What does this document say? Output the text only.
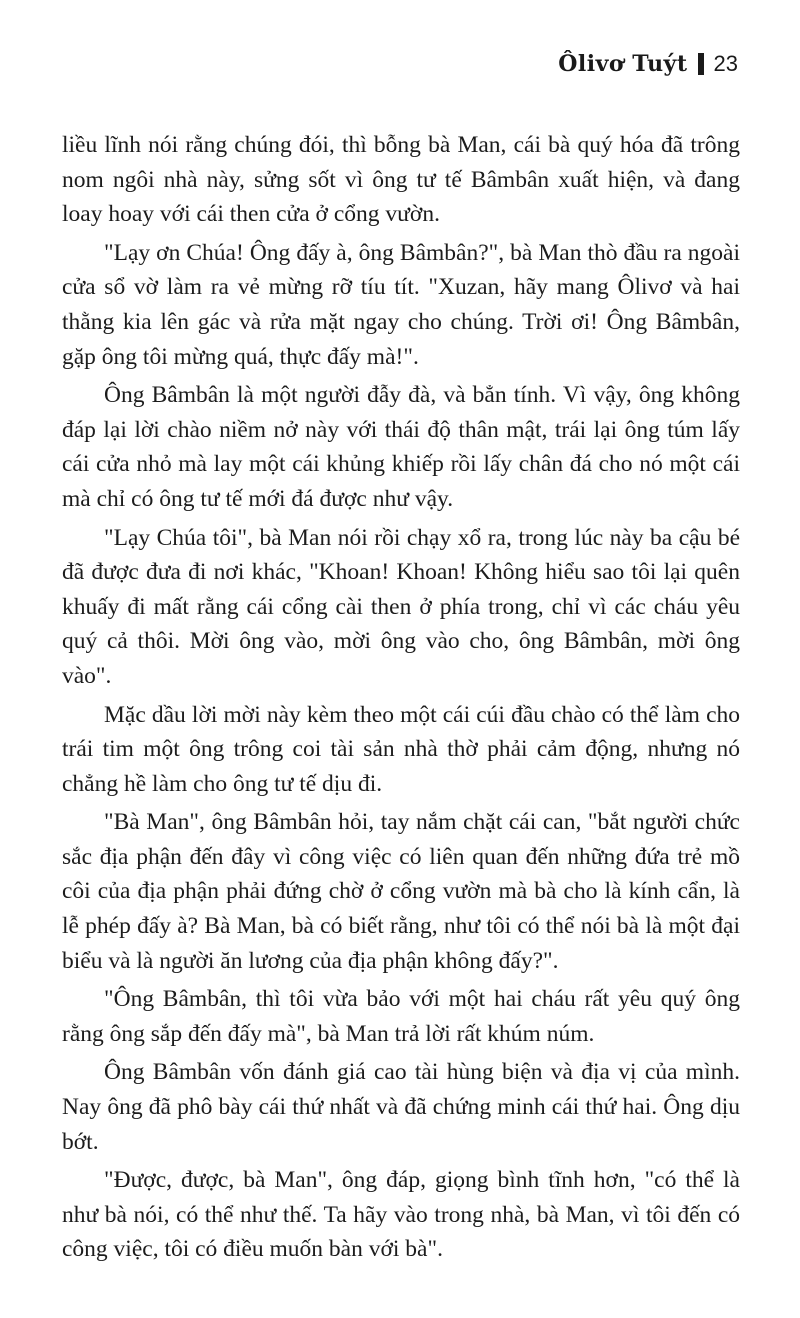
Ôlivơ Tuýt 23

liều lĩnh nói rằng chúng đói, thì bỗng bà Man, cái bà quý hóa đã trông nom ngôi nhà này, sửng sốt vì ông tư tế Bâmbân xuất hiện, và đang loay hoay với cái then cửa ở cổng vườn.

"Lạy ơn Chúa! Ông đấy à, ông Bâmbân?", bà Man thò đầu ra ngoài cửa sổ vờ làm ra vẻ mừng rỡ tíu tít. "Xuzan, hãy mang Ôlivơ và hai thằng kia lên gác và rửa mặt ngay cho chúng. Trời ơi! Ông Bâmbân, gặp ông tôi mừng quá, thực đấy mà!".

Ông Bâmbân là một người đẫy đà, và bẳn tính. Vì vậy, ông không đáp lại lời chào niềm nở này với thái độ thân mật, trái lại ông túm lấy cái cửa nhỏ mà lay một cái khủng khiếp rồi lấy chân đá cho nó một cái mà chỉ có ông tư tế mới đá được như vậy.

"Lạy Chúa tôi", bà Man nói rồi chạy xổ ra, trong lúc này ba cậu bé đã được đưa đi nơi khác, "Khoan! Khoan! Không hiểu sao tôi lại quên khuấy đi mất rằng cái cổng cài then ở phía trong, chỉ vì các cháu yêu quý cả thôi. Mời ông vào, mời ông vào cho, ông Bâmbân, mời ông vào".

Mặc dầu lời mời này kèm theo một cái cúi đầu chào có thể làm cho trái tim một ông trông coi tài sản nhà thờ phải cảm động, nhưng nó chẳng hề làm cho ông tư tế dịu đi.

"Bà Man", ông Bâmbân hỏi, tay nắm chặt cái can, "bắt người chức sắc địa phận đến đây vì công việc có liên quan đến những đứa trẻ mồ côi của địa phận phải đứng chờ ở cổng vườn mà bà cho là kính cẩn, là lễ phép đấy à? Bà Man, bà có biết rằng, như tôi có thể nói bà là một đại biểu và là người ăn lương của địa phận không đấy?".

"Ông Bâmbân, thì tôi vừa bảo với một hai cháu rất yêu quý ông rằng ông sắp đến đấy mà", bà Man trả lời rất khúm núm.

Ông Bâmbân vốn đánh giá cao tài hùng biện và địa vị của mình. Nay ông đã phô bày cái thứ nhất và đã chứng minh cái thứ hai. Ông dịu bớt.

"Được, được, bà Man", ông đáp, giọng bình tĩnh hơn, "có thể là như bà nói, có thể như thế. Ta hãy vào trong nhà, bà Man, vì tôi đến có công việc, tôi có điều muốn bàn với bà".
